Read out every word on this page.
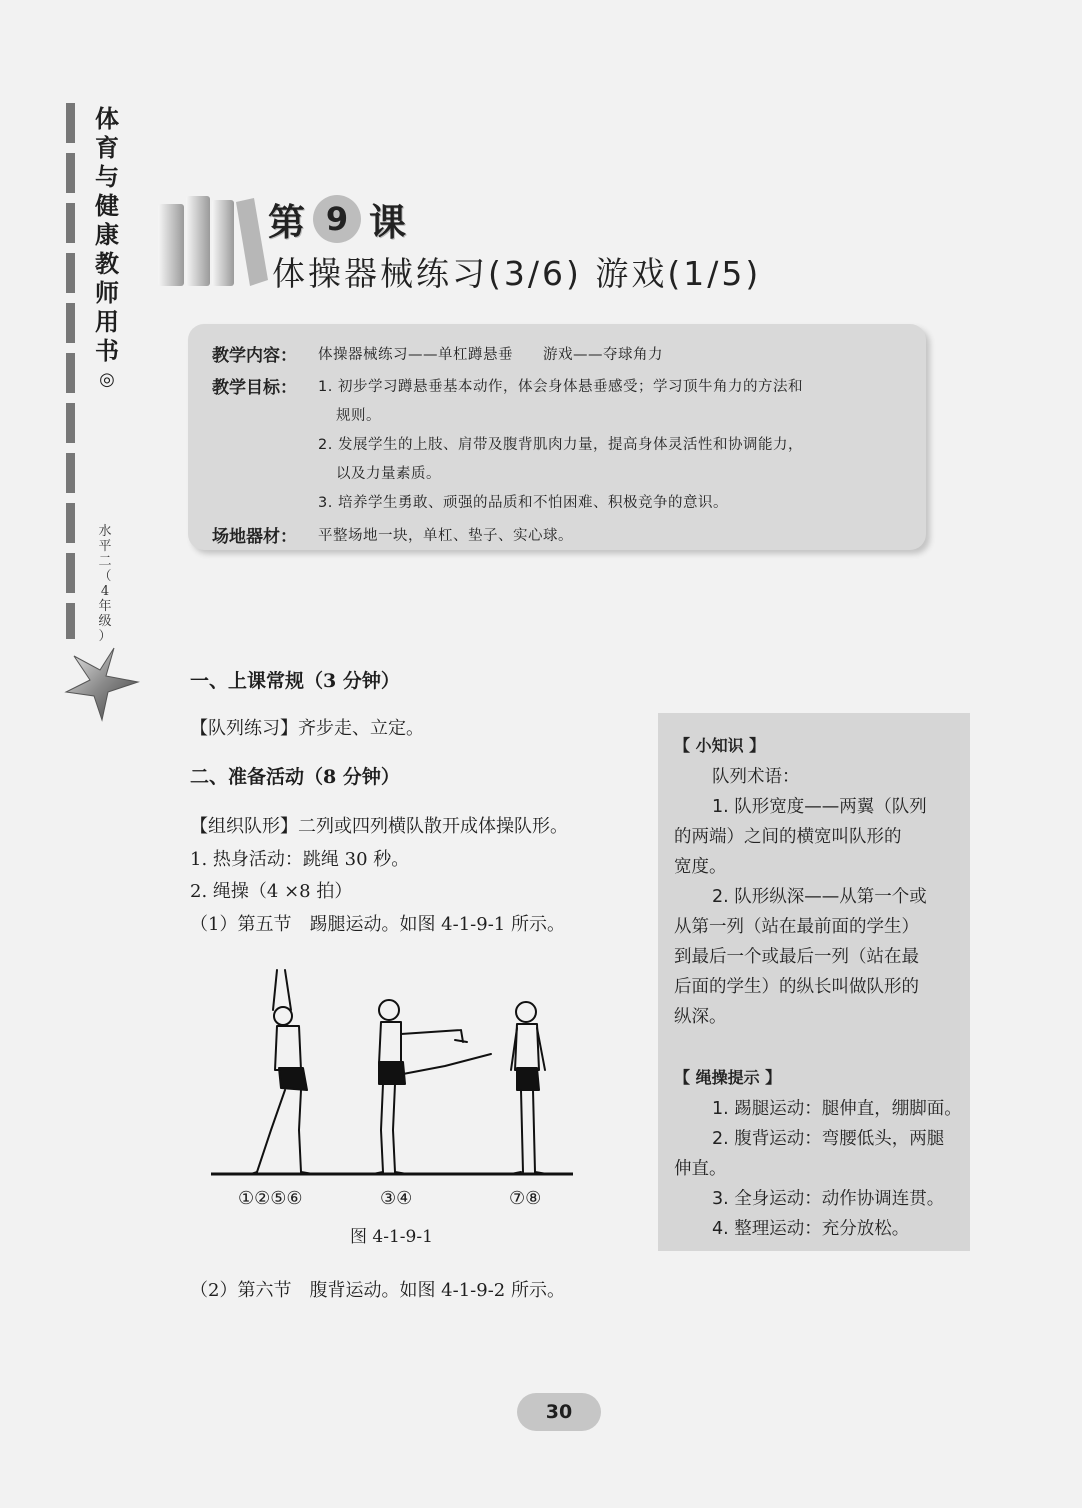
体
育
与
健
康
教
师
用
书
◎
水
平
二
（
4
年
级
）
第 9 课
体操器械练习(3/6) 游戏(1/5)
教学内容： 体操器械练习——单杠蹲悬垂　　游戏——夺球角力
教学目标： 1. 初步学习蹲悬垂基本动作，体会身体悬垂感受；学习顶牛角力的方法和
规则。
2. 发展学生的上肢、肩带及腹背肌肉力量，提高身体灵活性和协调能力，
以及力量素质。
3. 培养学生勇敢、顽强的品质和不怕困难、积极竞争的意识。
场地器材： 平整场地一块，单杠、垫子、实心球。
一、上课常规（3 分钟）
【队列练习】齐步走、立定。
二、准备活动（8 分钟）
【组织队形】二列或四列横队散开成体操队形。
1. 热身活动：跳绳 30 秒。
2. 绳操（4 ×8 拍）
（1）第五节　踢腿运动。如图 4-1-9-1 所示。
①②⑤⑥	③④	⑦⑧
图 4-1-9-1
（2）第六节　腹背运动。如图 4-1-9-2 所示。
【 小知识 】
队列术语：
1. 队形宽度——两翼（队列
的两端）之间的横宽叫队形的
宽度。
2. 队形纵深——从第一个或
从第一列（站在最前面的学生）
到最后一个或最后一列（站在最
后面的学生）的纵长叫做队形的
纵深。
【 绳操提示 】
1. 踢腿运动：腿伸直，绷脚面。
2. 腹背运动：弯腰低头，两腿
伸直。
3. 全身运动：动作协调连贯。
4. 整理运动：充分放松。
30
